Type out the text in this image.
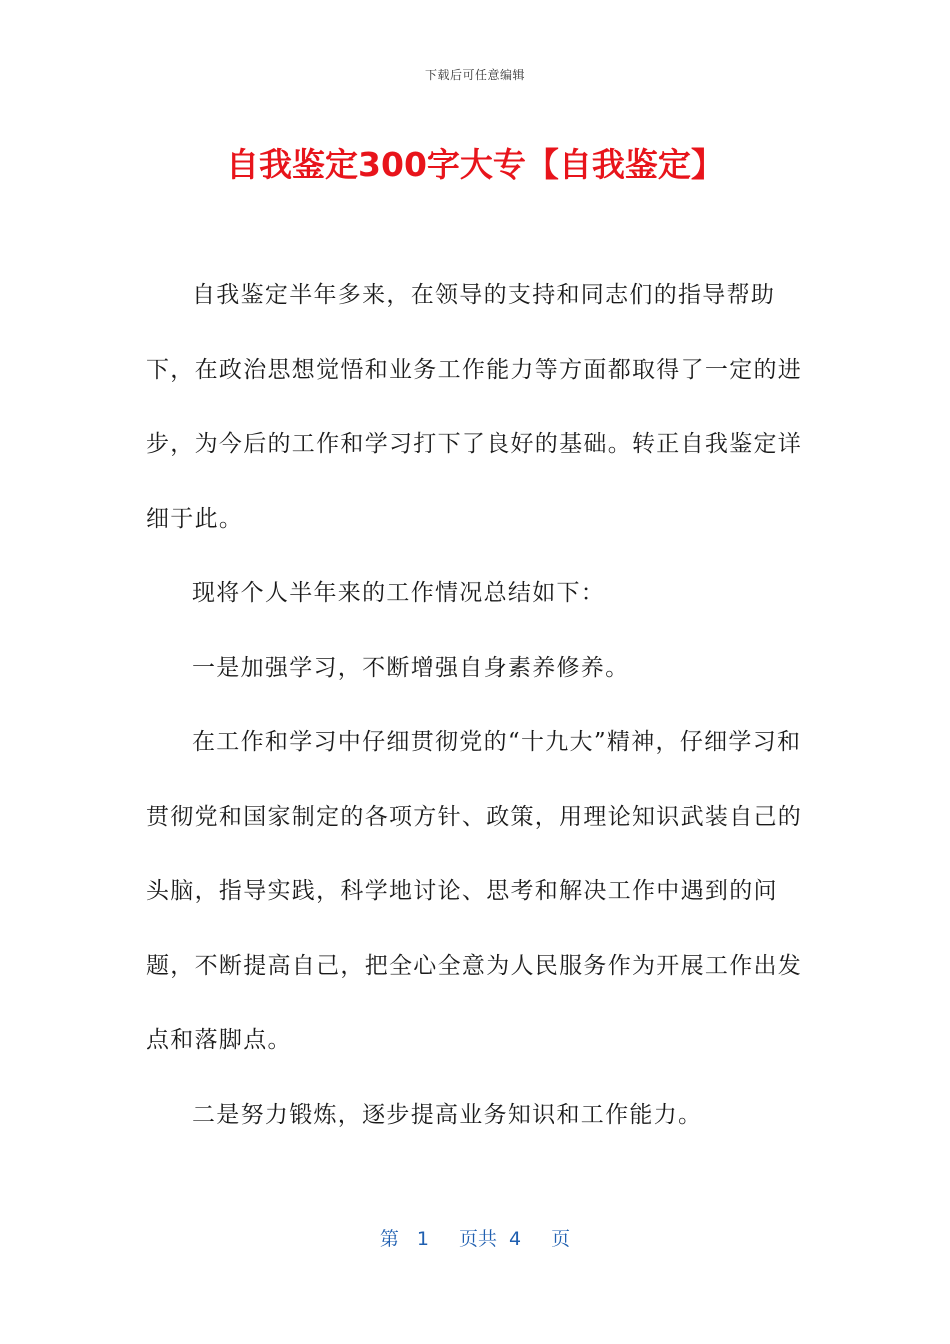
下载后可任意编辑
自我鉴定300字大专【自我鉴定】

自我鉴定半年多来，在领导的支持和同志们的指导帮助下，在政治思想觉悟和业务工作能力等方面都取得了一定的进步，为今后的工作和学习打下了良好的基础。转正自我鉴定详细于此。

现将个人半年来的工作情况总结如下：

一是加强学习，不断增强自身素养修养。

在工作和学习中仔细贯彻党的“十九大”精神，仔细学习和贯彻党和国家制定的各项方针、政策，用理论知识武装自己的头脑，指导实践，科学地讨论、思考和解决工作中遇到的问题，不断提高自己，把全心全意为人民服务作为开展工作出发点和落脚点。

二是努力锻炼，逐步提高业务知识和工作能力。

第 1 页共 4 页
